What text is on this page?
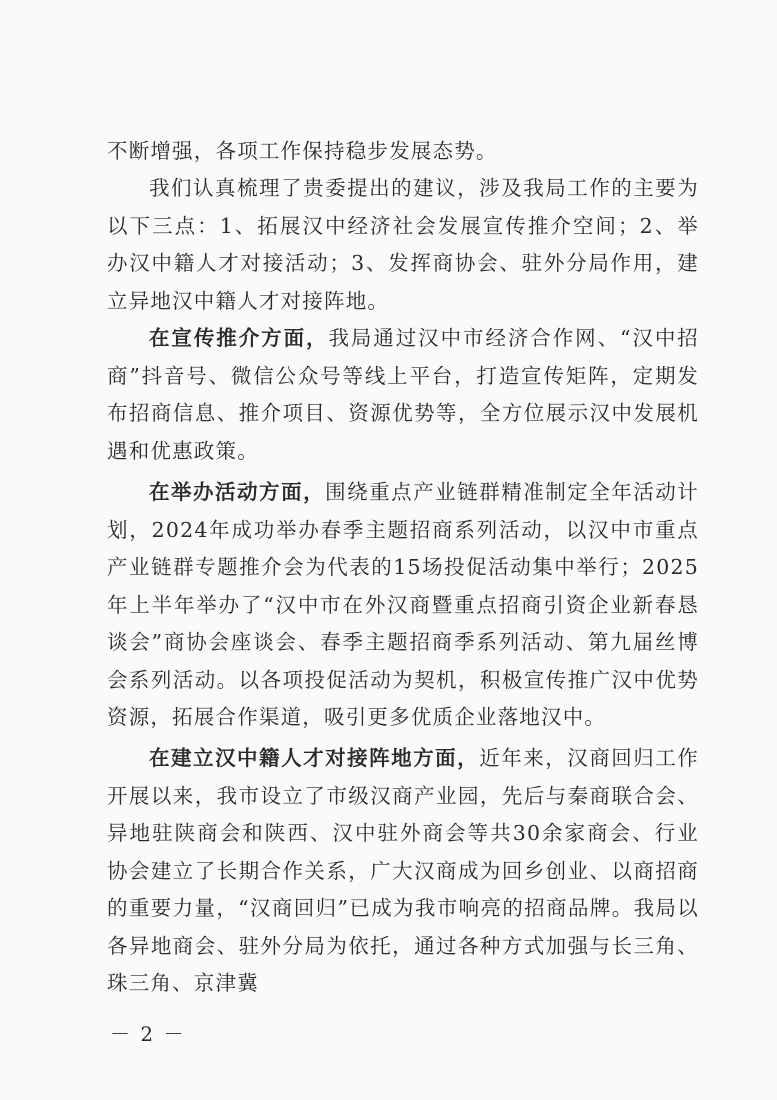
不断增强，各项工作保持稳步发展态势。

我们认真梳理了贵委提出的建议，涉及我局工作的主要为以下三点：1、拓展汉中经济社会发展宣传推介空间；2、举办汉中籍人才对接活动；3、发挥商协会、驻外分局作用，建立异地汉中籍人才对接阵地。

在宣传推介方面，我局通过汉中市经济合作网、“汉中招商”抖音号、微信公众号等线上平台，打造宣传矩阵，定期发布招商信息、推介项目、资源优势等，全方位展示汉中发展机遇和优惠政策。

在举办活动方面，围绕重点产业链群精准制定全年活动计划，2024年成功举办春季主题招商系列活动，以汉中市重点产业链群专题推介会为代表的15场投促活动集中举行；2025年上半年举办了“汉中市在外汉商暨重点招商引资企业新春恳谈会”商协会座谈会、春季主题招商季系列活动、第九届丝博会系列活动。以各项投促活动为契机，积极宣传推广汉中优势资源，拓展合作渠道，吸引更多优质企业落地汉中。

在建立汉中籍人才对接阵地方面，近年来，汉商回归工作开展以来，我市设立了市级汉商产业园，先后与秦商联合会、异地驻陕商会和陕西、汉中驻外商会等共30余家商会、行业协会建立了长期合作关系，广大汉商成为回乡创业、以商招商的重要力量，“汉商回归”已成为我市响亮的招商品牌。我局以各异地商会、驻外分局为依托，通过各种方式加强与长三角、珠三角、京津冀

－ 2 －
